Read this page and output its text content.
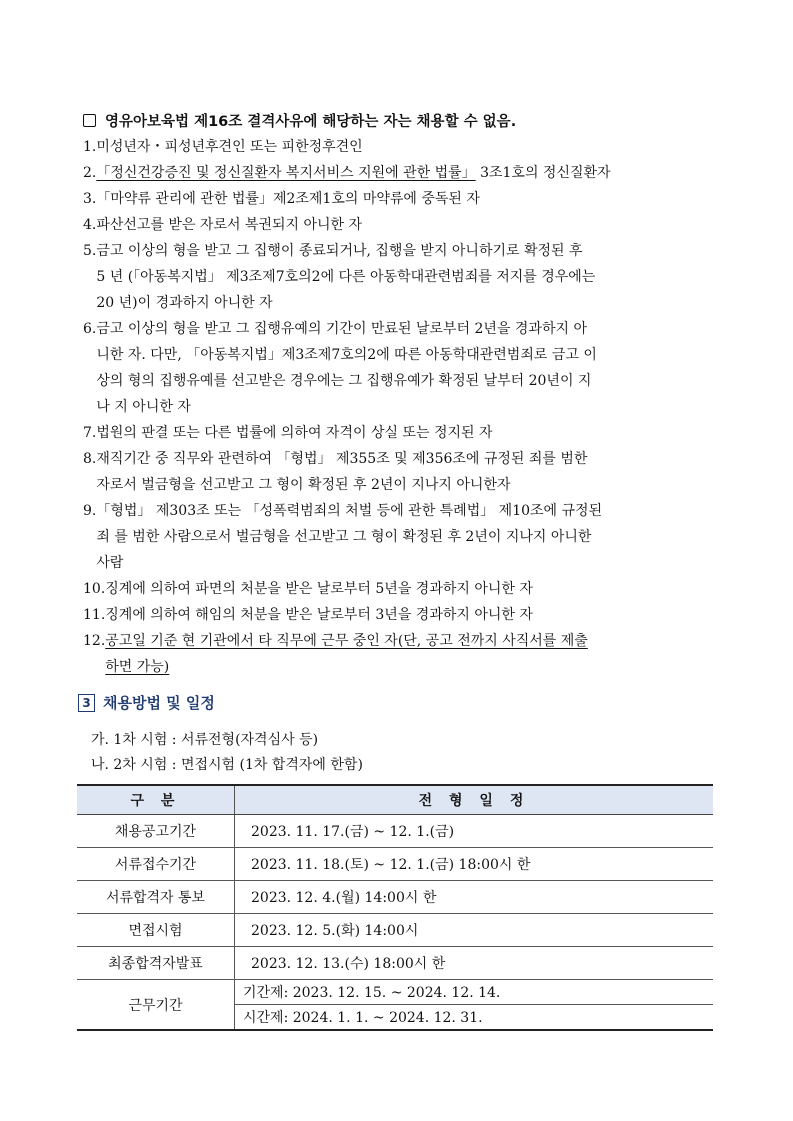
영유아보육법 제16조 결격사유에 해당하는 자는 채용할 수 없음.
1. 미성년자・피성년후견인 또는 피한정후견인
2. 「정신건강증진 및 정신질환자 복지서비스 지원에 관한 법률」 3조1호의 정신질환자
3. 「마약류 관리에 관한 법률」제2조제1호의 마약류에 중독된 자
4. 파산선고를 받은 자로서 복권되지 아니한 자
5. 금고 이상의 형을 받고 그 집행이 종료되거나, 집행을 받지 아니하기로 확정된 후
5 년 (「아동복지법」 제3조제7호의2에 다른 아동학대관련범죄를 저지를 경우에는
20 년)이 경과하지 아니한 자
6. 금고 이상의 형을 받고 그 집행유예의 기간이 만료된 날로부터 2년을 경과하지 아
니한 자. 다만, 「아동복지법」제3조제7호의2에 따른 아동학대관련범죄로 금고 이
상의 형의 집행유예를 선고받은 경우에는 그 집행유예가 확정된 날부터 20년이 지
나 지 아니한 자
7. 법원의 판결 또는 다른 법률에 의하여 자격이 상실 또는 정지된 자
8. 재직기간 중 직무와 관련하여 「형법」 제355조 및 제356조에 규정된 죄를 범한
자로서 벌금형을 선고받고 그 형이 확정된 후 2년이 지나지 아니한자
9. 「형법」 제303조 또는 「성폭력범죄의 처벌 등에 관한 특례법」 제10조에 규정된
죄 를 범한 사람으로서 벌금형을 선고받고 그 형이 확정된 후 2년이 지나지 아니한
사람
10. 징계에 의하여 파면의 처분을 받은 날로부터 5년을 경과하지 아니한 자
11. 징계에 의하여 해임의 처분을 받은 날로부터 3년을 경과하지 아니한 자
12. 공고일 기준 현 기관에서 타 직무에 근무 중인 자(단, 공고 전까지 사직서를 제출
하면 가능)
3 채용방법 및 일정
가. 1차 시험 : 서류전형(자격심사 등)
나. 2차 시험 : 면접시험 (1차 합격자에 한함)
구 분	전 형 일 정
채용공고기간	2023. 11. 17.(금) ~ 12. 1.(금)
서류접수기간	2023. 11. 18.(토) ~ 12. 1.(금) 18:00시 한
서류합격자 통보	2023. 12. 4.(월) 14:00시 한
면접시험	2023. 12. 5.(화) 14:00시
최종합격자발표	2023. 12. 13.(수) 18:00시 한
근무기간	기간제: 2023. 12. 15. ~ 2024. 12. 14.
	시간제: 2024. 1. 1. ~ 2024. 12. 31.
